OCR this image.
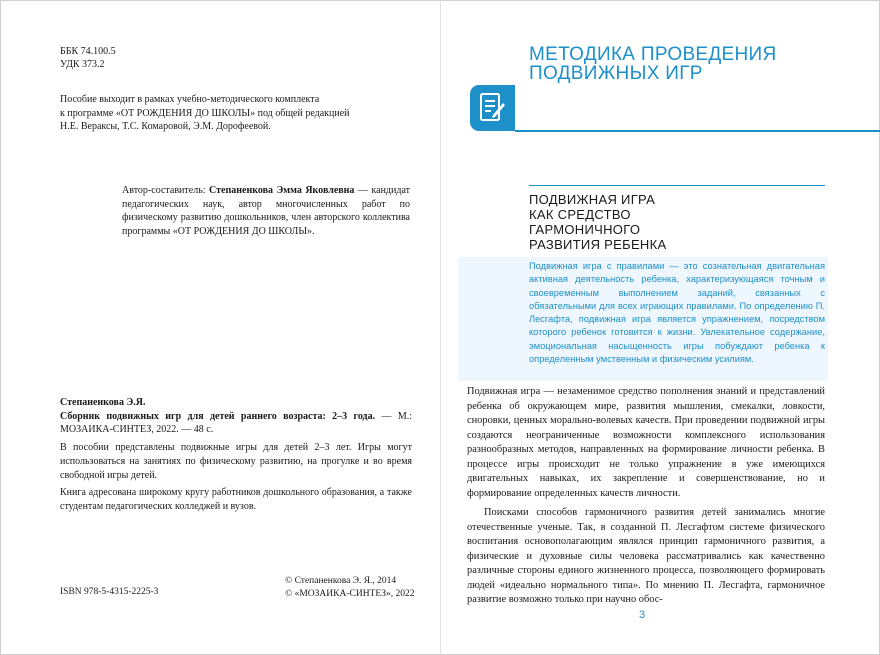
ББК 74.100.5
УДК 373.2
Пособие выходит в рамках учебно-методического комплекта
к программе «ОТ РОЖДЕНИЯ ДО ШКОЛЫ» под общей редакцией
Н.Е. Вераксы, Т.С. Комаровой, Э.М. Дорофеевой.
Автор-составитель: Степаненкова Эмма Яковлевна — кандидат педагогических наук, автор многочисленных работ по физическому развитию дошкольников, член авторского коллектива программы «ОТ РОЖДЕНИЯ ДО ШКОЛЫ».
Степаненкова Э.Я.
Сборник подвижных игр для детей раннего возраста: 2–3 года. — М.: МОЗАИКА-СИНТЕЗ, 2022. — 48 с.

В пособии представлены подвижные игры для детей 2–3 лет. Игры могут использоваться на занятиях по физическому развитию, на прогулке и во время свободной игры детей.

Книга адресована широкому кругу работников дошкольного образования, а также студентам педагогических колледжей и вузов.

ISBN 978-5-4315-2225-3
© Степаненкова Э. Я., 2014
© «МОЗАИКА-СИНТЕЗ», 2022
МЕТОДИКА ПРОВЕДЕНИЯ
ПОДВИЖНЫХ ИГР
ПОДВИЖНАЯ ИГРА
КАК СРЕДСТВО
ГАРМОНИЧНОГО
РАЗВИТИЯ РЕБЕНКА
Подвижная игра с правилами — это сознательная двигательная активная деятельность ребенка, характеризующаяся точным и своевременным выполнением заданий, связанных с обязательными для всех играющих правилами. По определению П. Лесгафта, подвижная игра является упражнением, посредством которого ребенок готовится к жизни. Увлекательное содержание, эмоциональная насыщенность игры побуждают ребенка к определенным умственным и физическим усилиям.

Подвижная игра — незаменимое средство пополнения знаний и представлений ребенка об окружающем мире, развития мышления, смекалки, ловкости, сноровки, ценных морально-волевых качеств. При проведении подвижной игры создаются неограниченные возможности комплексного использования разнообразных методов, направленных на формирование личности ребенка. В процессе игры происходит не только упражнение в уже имеющихся двигательных навыках, их закрепление и совершенствование, но и формирование определенных качеств личности.

Поисками способов гармоничного развития детей занимались многие отечественные ученые. Так, в созданной П. Лесгафтом системе физического воспитания основополагающим являлся принцип гармоничного развития, а физические и духовные силы человека рассматривались как качественно различные стороны единого жизненного процесса, позволяющего формировать людей «идеально нормального типа». По мнению П. Лесгафта, гармоничное развитие возможно только при научно обос-

3
